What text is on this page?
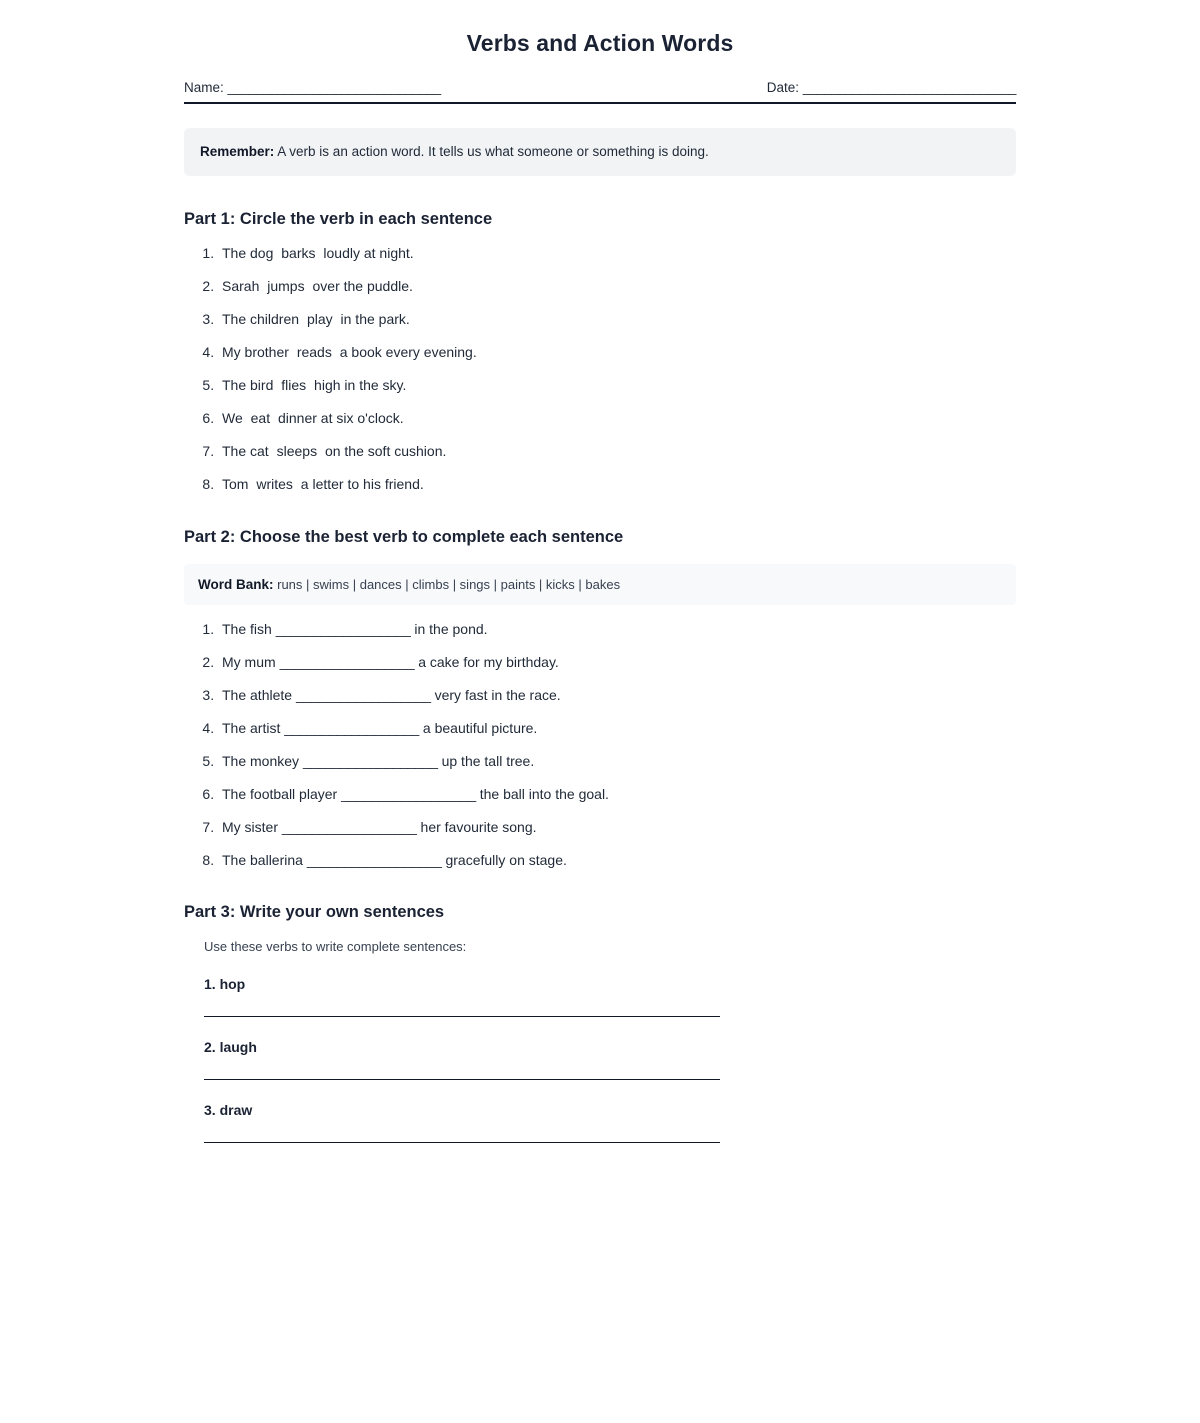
Verbs and Action Words
Name: ______________________________	Date: ______________________________
Remember: A verb is an action word. It tells us what someone or something is doing.
Part 1: Circle the verb in each sentence
1. The dog barks loudly at night.
2. Sarah jumps over the puddle.
3. The children play in the park.
4. My brother reads a book every evening.
5. The bird flies high in the sky.
6. We eat dinner at six o'clock.
7. The cat sleeps on the soft cushion.
8. Tom writes a letter to his friend.
Part 2: Choose the best verb to complete each sentence
Word Bank: runs | swims | dances | climbs | sings | paints | kicks | bakes
1. The fish __________________ in the pond.
2. My mum __________________ a cake for my birthday.
3. The athlete __________________ very fast in the race.
4. The artist __________________ a beautiful picture.
5. The monkey __________________ up the tall tree.
6. The football player __________________ the ball into the goal.
7. My sister __________________ her favourite song.
8. The ballerina __________________ gracefully on stage.
Part 3: Write your own sentences
Use these verbs to write complete sentences:
1. hop
2. laugh
3. draw
